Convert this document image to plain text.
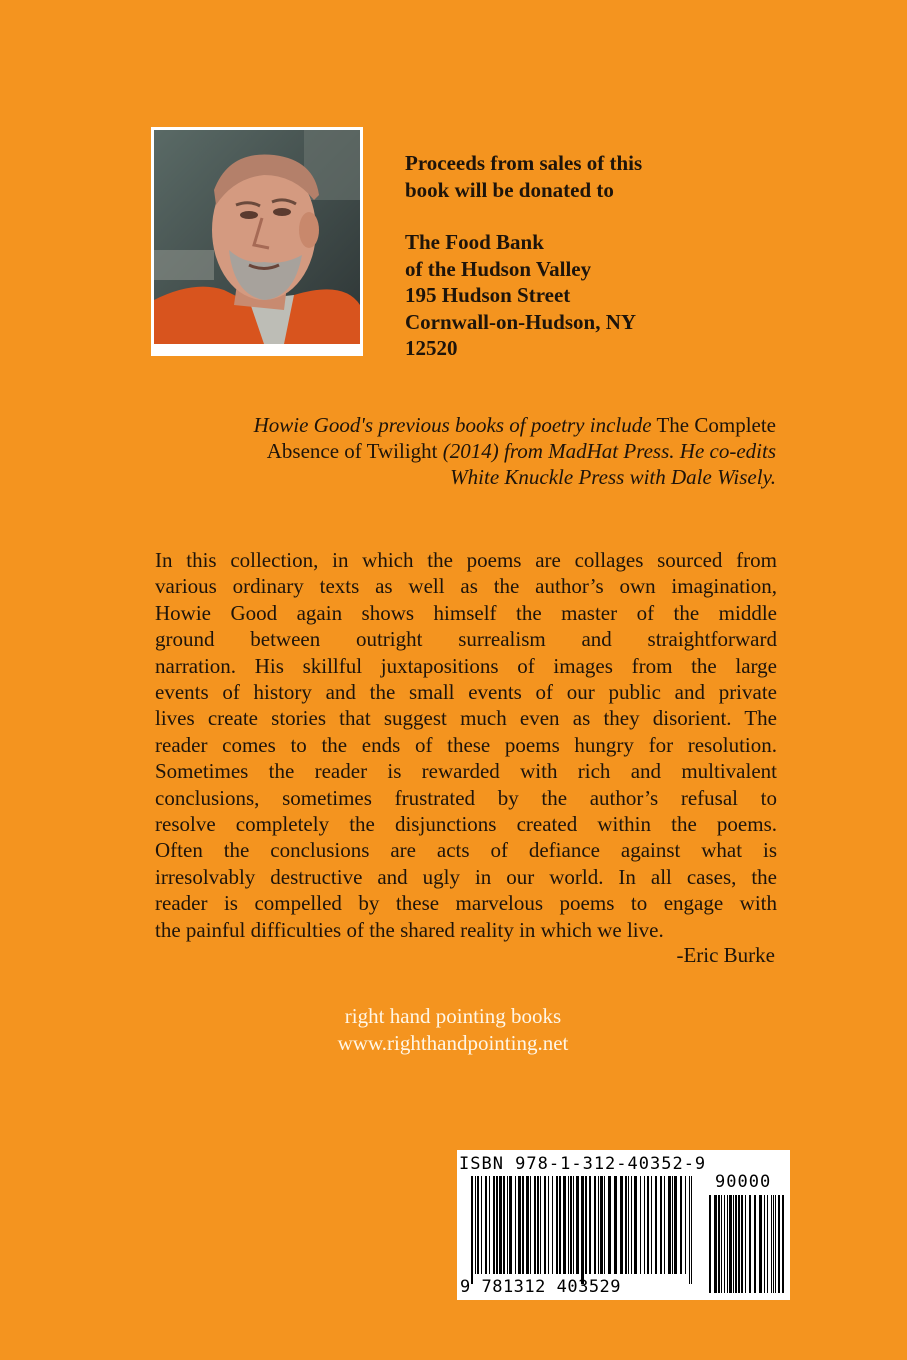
Proceeds from sales of this
book will be donated to
The Food Bank
of the Hudson Valley
195 Hudson Street
Cornwall-on-Hudson, NY
12520
Howie Good's previous books of poetry include The Complete
Absence of Twilight (2014) from MadHat Press. He co-edits
White Knuckle Press with Dale Wisely.
In this collection, in which the poems are collages sourced from
various ordinary texts as well as the author’s own imagination,
Howie Good again shows himself the master of the middle
ground between outright surrealism and straightforward
narration. His skillful juxtapositions of images from the large
events of history and the small events of our public and private
lives create stories that suggest much even as they disorient. The
reader comes to the ends of these poems hungry for resolution.
Sometimes the reader is rewarded with rich and multivalent
conclusions, sometimes frustrated by the author’s refusal to
resolve completely the disjunctions created within the poems.
Often the conclusions are acts of defiance against what is
irresolvably destructive and ugly in our world. In all cases, the
reader is compelled by these marvelous poems to engage with
the painful difficulties of the shared reality in which we live.
-Eric Burke
right hand pointing books
www.righthandpointing.net
ISBN 978-1-312-40352-9
90000
9 781312 403529
